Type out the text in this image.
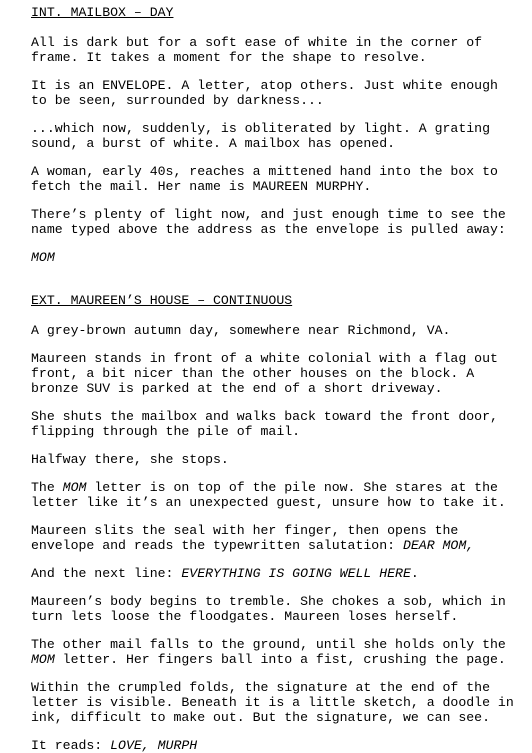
INT. MAILBOX – DAY
All is dark but for a soft ease of white in the corner of
frame. It takes a moment for the shape to resolve.
It is an ENVELOPE. A letter, atop others. Just white enough
to be seen, surrounded by darkness...
...which now, suddenly, is obliterated by light. A grating
sound, a burst of white. A mailbox has opened.
A woman, early 40s, reaches a mittened hand into the box to
fetch the mail. Her name is MAUREEN MURPHY.
There’s plenty of light now, and just enough time to see the
name typed above the address as the envelope is pulled away:
MOM
EXT. MAUREEN’S HOUSE – CONTINUOUS
A grey-brown autumn day, somewhere near Richmond, VA.
Maureen stands in front of a white colonial with a flag out
front, a bit nicer than the other houses on the block. A
bronze SUV is parked at the end of a short driveway.
She shuts the mailbox and walks back toward the front door,
flipping through the pile of mail.
Halfway there, she stops.
The MOM letter is on top of the pile now. She stares at the
letter like it’s an unexpected guest, unsure how to take it.
Maureen slits the seal with her finger, then opens the
envelope and reads the typewritten salutation: DEAR MOM,
And the next line: EVERYTHING IS GOING WELL HERE.
Maureen’s body begins to tremble. She chokes a sob, which in
turn lets loose the floodgates. Maureen loses herself.
The other mail falls to the ground, until she holds only the
MOM letter. Her fingers ball into a fist, crushing the page.
Within the crumpled folds, the signature at the end of the
letter is visible. Beneath it is a little sketch, a doodle in
ink, difficult to make out. But the signature, we can see.
It reads: LOVE, MURPH
